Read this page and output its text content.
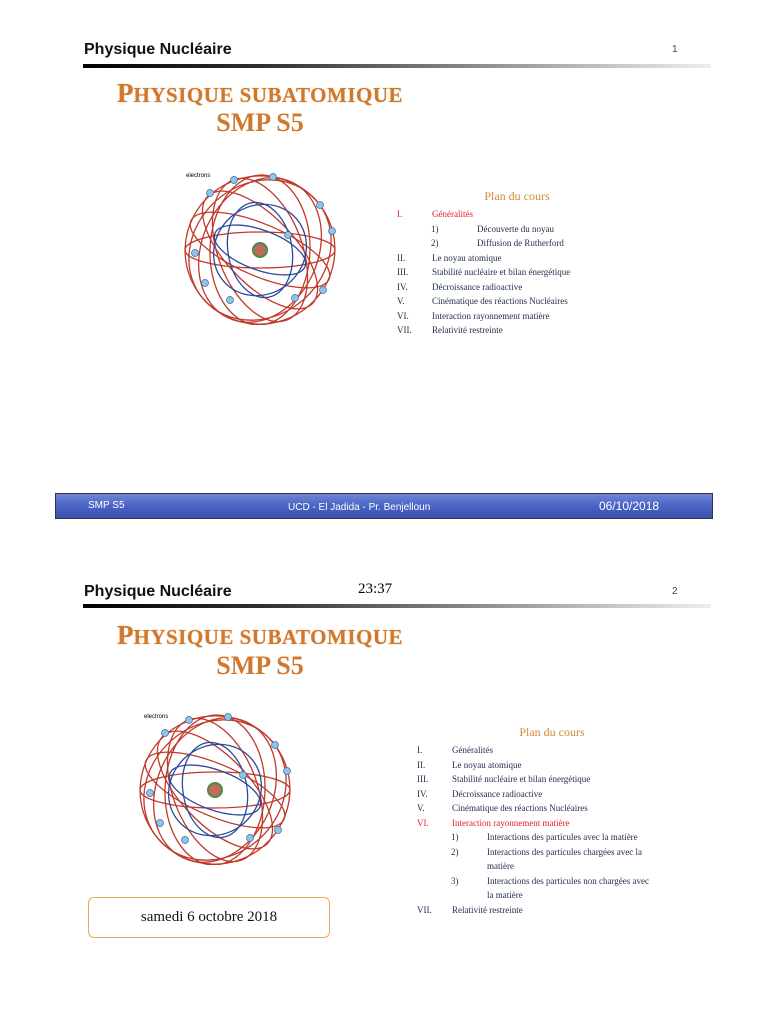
Physique Nucléaire	1
PHYSIQUE SUBATOMIQUE
SMP S5
electrons
Plan du cours
I.	Généralités
1)	Découverte du noyau
2)	Diffusion de Rutherford
II.	Le noyau atomique
III.	Stabilité nucléaire et bilan énergétique
IV.	Décroissance radioactive
V.	Cinématique des réactions Nucléaires
VI.	Interaction rayonnement matière
VII.	Relativité restreinte
SMP S5	UCD - El Jadida - Pr. Benjelloun	06/10/2018
Physique Nucléaire	23:37	2
PHYSIQUE SUBATOMIQUE
SMP S5
electrons
Plan du cours
I.	Généralités
II.	Le noyau atomique
III.	Stabilité nucléaire et bilan énergétique
IV.	Décroissance radioactive
V.	Cinématique des réactions Nucléaires
VI.	Interaction rayonnement matière
1)	Interactions des particules avec la matière
2)	Interactions des particules chargées avec la
matière
3)	Interactions des particules non chargées avec
la matière
VII.	Relativité restreinte
samedi 6 octobre 2018
